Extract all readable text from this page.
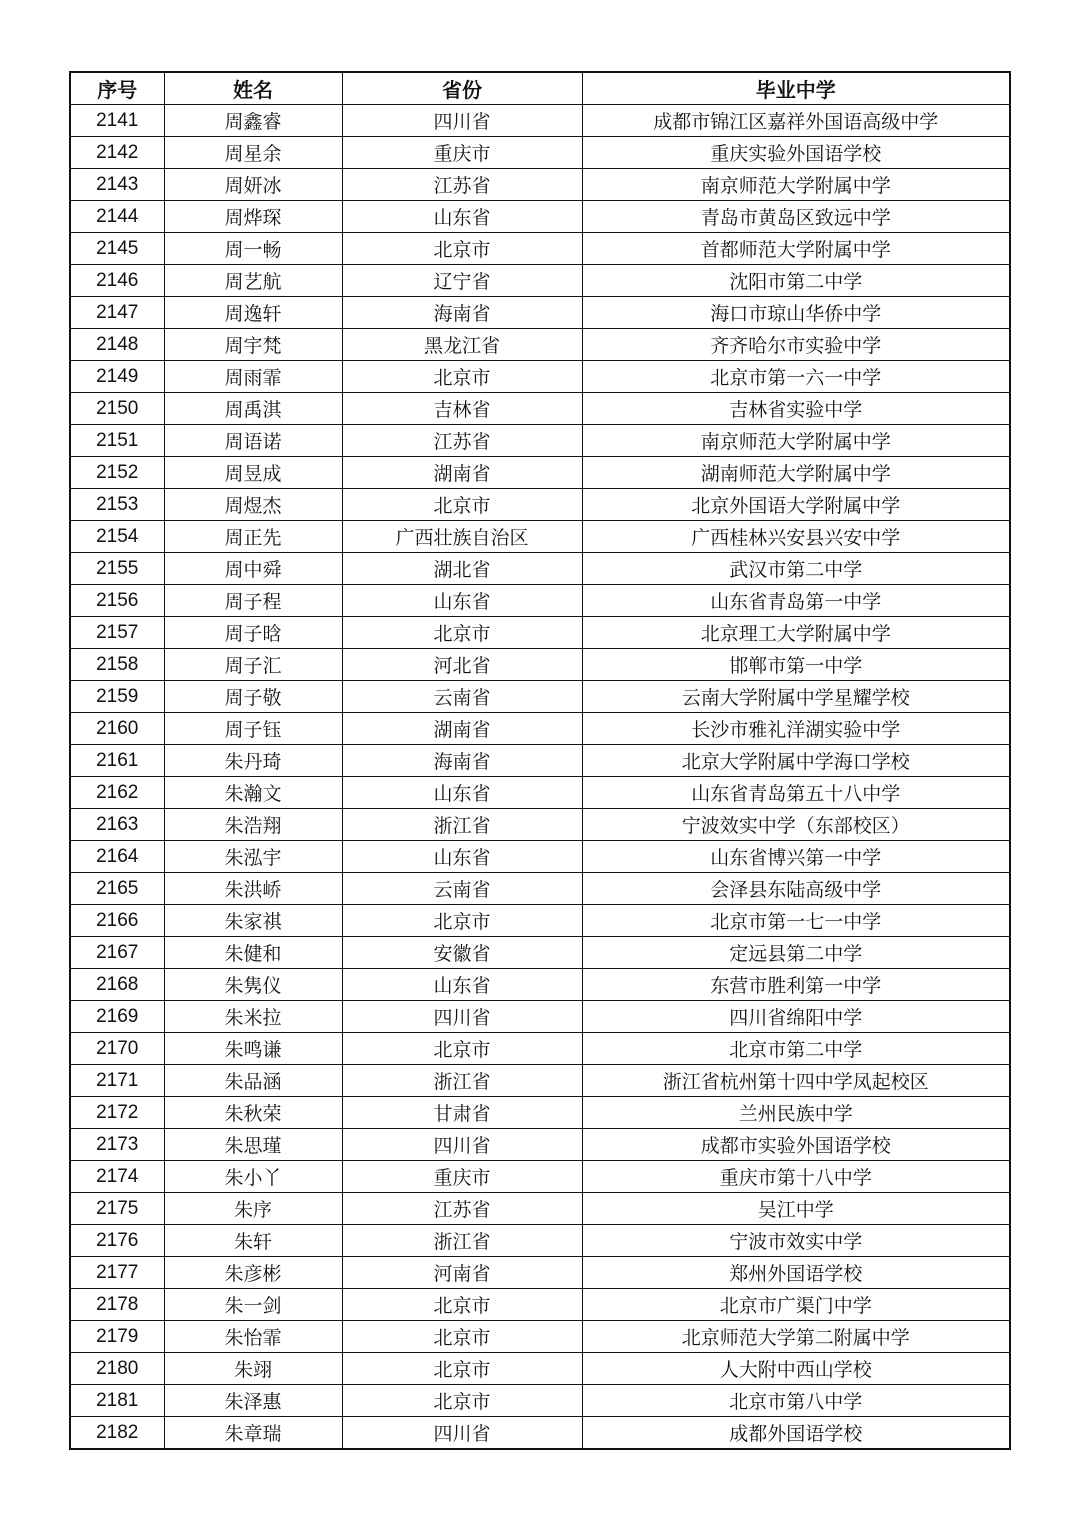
序号	姓名	省份	毕业中学
2141	周鑫睿	四川省	成都市锦江区嘉祥外国语高级中学
2142	周星余	重庆市	重庆实验外国语学校
2143	周妍冰	江苏省	南京师范大学附属中学
2144	周烨琛	山东省	青岛市黄岛区致远中学
2145	周一畅	北京市	首都师范大学附属中学
2146	周艺航	辽宁省	沈阳市第二中学
2147	周逸轩	海南省	海口市琼山华侨中学
2148	周宇梵	黑龙江省	齐齐哈尔市实验中学
2149	周雨霏	北京市	北京市第一六一中学
2150	周禹淇	吉林省	吉林省实验中学
2151	周语诺	江苏省	南京师范大学附属中学
2152	周昱成	湖南省	湖南师范大学附属中学
2153	周煜杰	北京市	北京外国语大学附属中学
2154	周正先	广西壮族自治区	广西桂林兴安县兴安中学
2155	周中舜	湖北省	武汉市第二中学
2156	周子程	山东省	山东省青岛第一中学
2157	周子晗	北京市	北京理工大学附属中学
2158	周子汇	河北省	邯郸市第一中学
2159	周子敬	云南省	云南大学附属中学星耀学校
2160	周子钰	湖南省	长沙市雅礼洋湖实验中学
2161	朱丹琦	海南省	北京大学附属中学海口学校
2162	朱瀚文	山东省	山东省青岛第五十八中学
2163	朱浩翔	浙江省	宁波效实中学（东部校区）
2164	朱泓宇	山东省	山东省博兴第一中学
2165	朱洪峤	云南省	会泽县东陆高级中学
2166	朱家祺	北京市	北京市第一七一中学
2167	朱健和	安徽省	定远县第二中学
2168	朱隽仪	山东省	东营市胜利第一中学
2169	朱米拉	四川省	四川省绵阳中学
2170	朱鸣谦	北京市	北京市第二中学
2171	朱品涵	浙江省	浙江省杭州第十四中学凤起校区
2172	朱秋荣	甘肃省	兰州民族中学
2173	朱思瑾	四川省	成都市实验外国语学校
2174	朱小丫	重庆市	重庆市第十八中学
2175	朱序	江苏省	吴江中学
2176	朱轩	浙江省	宁波市效实中学
2177	朱彦彬	河南省	郑州外国语学校
2178	朱一剑	北京市	北京市广渠门中学
2179	朱怡霏	北京市	北京师范大学第二附属中学
2180	朱翊	北京市	人大附中西山学校
2181	朱泽惠	北京市	北京市第八中学
2182	朱章瑞	四川省	成都外国语学校
